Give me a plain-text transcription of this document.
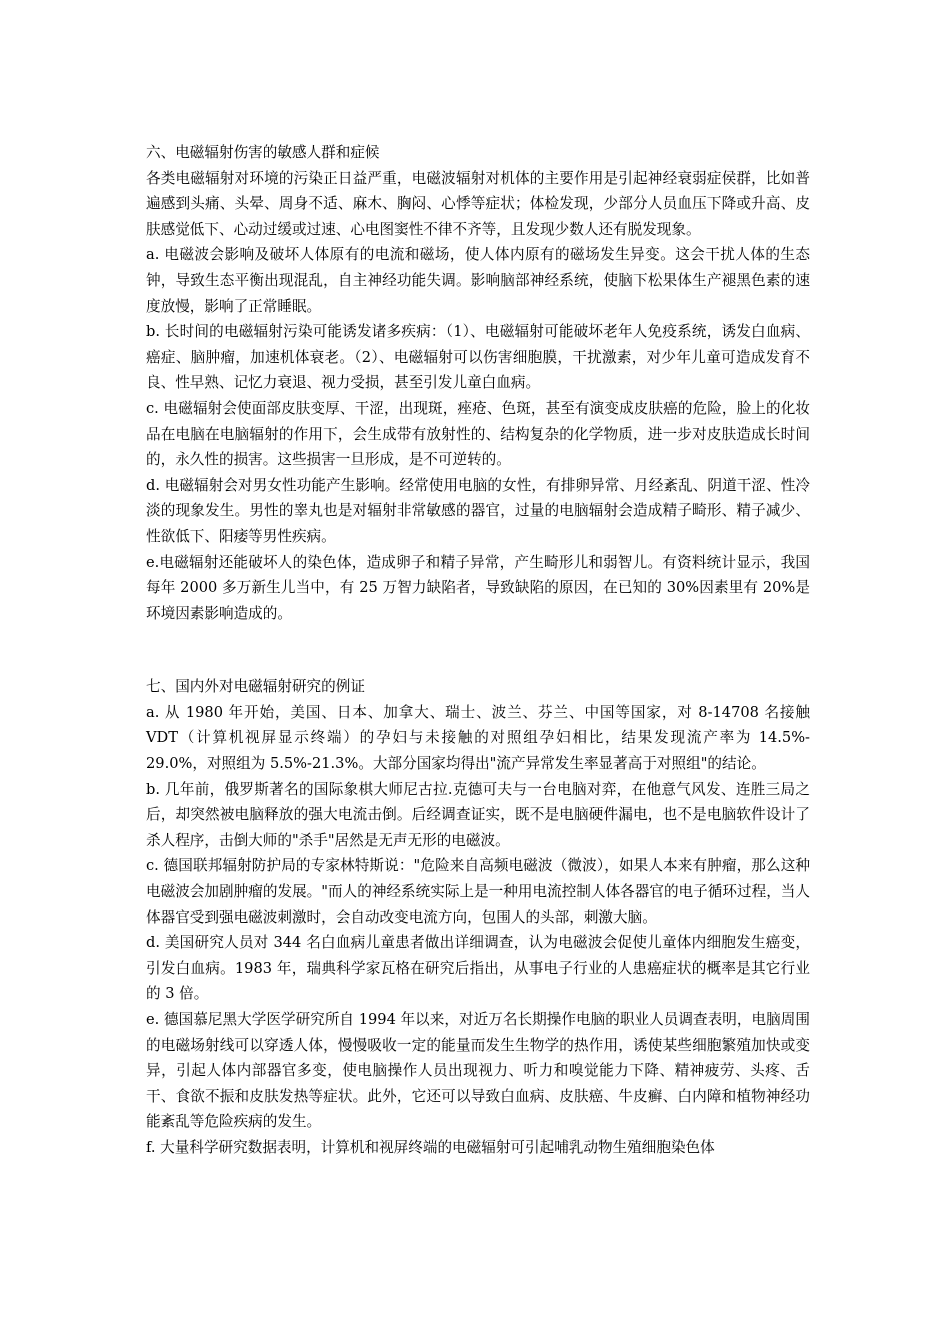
六、电磁辐射伤害的敏感人群和症候

各类电磁辐射对环境的污染正日益严重，电磁波辐射对机体的主要作用是引起神经衰弱症侯群，比如普遍感到头痛、头晕、周身不适、麻木、胸闷、心悸等症状；体检发现，少部分人员血压下降或升高、皮肤感觉低下、心动过缓或过速、心电图窦性不律不齐等，且发现少数人还有脱发现象。

a. 电磁波会影响及破坏人体原有的电流和磁场，使人体内原有的磁场发生异变。这会干扰人体的生态钟，导致生态平衡出现混乱，自主神经功能失调。影响脑部神经系统，使脑下松果体生产褪黑色素的速度放慢，影响了正常睡眠。

b. 长时间的电磁辐射污染可能诱发诸多疾病：（1）、电磁辐射可能破坏老年人免疫系统，诱发白血病、癌症、脑肿瘤，加速机体衰老。（2）、电磁辐射可以伤害细胞膜，干扰激素，对少年儿童可造成发育不良、性早熟、记忆力衰退、视力受损，甚至引发儿童白血病。

c. 电磁辐射会使面部皮肤变厚、干涩，出现斑，痤疮、色斑，甚至有演变成皮肤癌的危险，脸上的化妆品在电脑在电脑辐射的作用下，会生成带有放射性的、结构复杂的化学物质，进一步对皮肤造成长时间的，永久性的损害。这些损害一旦形成，是不可逆转的。

d. 电磁辐射会对男女性功能产生影响。经常使用电脑的女性，有排卵异常、月经紊乱、阴道干涩、性冷淡的现象发生。男性的睾丸也是对辐射非常敏感的器官，过量的电脑辐射会造成精子畸形、精子减少、性欲低下、阳痿等男性疾病。

e.电磁辐射还能破坏人的染色体，造成卵子和精子异常，产生畸形儿和弱智儿。有资料统计显示，我国每年 2000 多万新生儿当中，有 25 万智力缺陷者，导致缺陷的原因，在已知的 30%因素里有 20%是环境因素影响造成的。

七、国内外对电磁辐射研究的例证

a. 从 1980 年开始，美国、日本、加拿大、瑞士、波兰、芬兰、中国等国家，对 8-14708 名接触 VDT（计算机视屏显示终端）的孕妇与未接触的对照组孕妇相比，结果发现流产率为 14.5%- 29.0%，对照组为 5.5%-21.3%。大部分国家均得出"流产异常发生率显著高于对照组"的结论。

b. 几年前，俄罗斯著名的国际象棋大师尼古拉.克德可夫与一台电脑对弈，在他意气风发、连胜三局之后，却突然被电脑释放的强大电流击倒。后经调查证实，既不是电脑硬件漏电，也不是电脑软件设计了杀人程序，击倒大师的"杀手"居然是无声无形的电磁波。

c. 德国联邦辐射防护局的专家林特斯说："危险来自高频电磁波（微波），如果人本来有肿瘤，那么这种电磁波会加剧肿瘤的发展。"而人的神经系统实际上是一种用电流控制人体各器官的电子循环过程，当人体器官受到强电磁波刺激时，会自动改变电流方向，包围人的头部，刺激大脑。

d. 美国研究人员对 344 名白血病儿童患者做出详细调查，认为电磁波会促使儿童体内细胞发生癌变，引发白血病。1983 年，瑞典科学家瓦格在研究后指出，从事电子行业的人患癌症状的概率是其它行业的 3 倍。

e. 德国慕尼黑大学医学研究所自 1994 年以来，对近万名长期操作电脑的职业人员调查表明，电脑周围的电磁场射线可以穿透人体，慢慢吸收一定的能量而发生生物学的热作用，诱使某些细胞繁殖加快或变异，引起人体内部器官多变，使电脑操作人员出现视力、听力和嗅觉能力下降、精神疲劳、头疼、舌干、食欲不振和皮肤发热等症状。此外，它还可以导致白血病、皮肤癌、牛皮癣、白内障和植物神经功能紊乱等危险疾病的发生。

f. 大量科学研究数据表明，计算机和视屏终端的电磁辐射可引起哺乳动物生殖细胞染色体
